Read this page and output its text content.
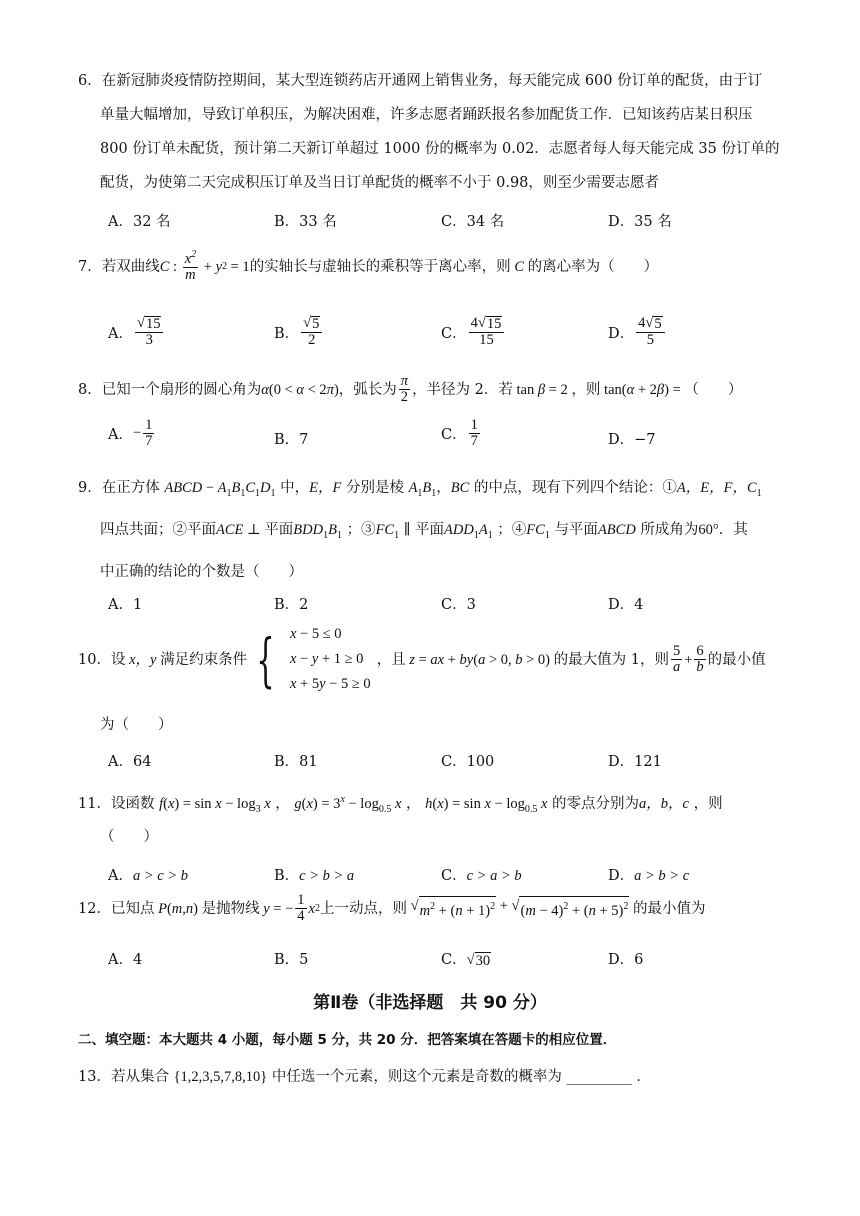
6．在新冠肺炎疫情防控期间，某大型连锁药店开通网上销售业务，每天能完成 600 份订单的配货，由于订
单量大幅增加，导致订单积压，为解决困难，许多志愿者踊跃报名参加配货工作．已知该药店某日积压
800 份订单未配货，预计第二天新订单超过 1000 份的概率为 0.02．志愿者每人每天能完成 35 份订单的
配货，为使第二天完成积压订单及当日订单配货的概率不小于 0.98，则至少需要志愿者
A．32 名	B．33 名	C．34 名	D．35 名
7．若双曲线 C : $\frac{x^2}{m} + y$ 2 = 1 的实轴长与虚轴长的乘积等于离心率，则 C 的离心率为（　　）
A． $\frac{√ 15}{3}$	B． $\frac{√ 5}{2}$	C． $\frac{4√ 15}{15}$	D． $\frac{4√ 5}{5}$
8．已知一个扇形的圆心角为 α(0 < α < 2π) ，弧长为 $\frac{\pi}{2}$ ，半径为 2．若 tan β = 2 ，则 tan(α + 2β) = （　　）
A． − $\frac{1}{7}$	B．7	C． $\frac{1}{7}$	D．−7
9．在正方体 ABCD − $A_1B_1C_1D_1$ 中，E，F 分别是棱 $A_1B_1$，BC 的中点，现有下列四个结论：①A，E，F，$C_1$
四点共面；②平面ACE ⊥ 平面$BDD_1B_1$ ；$③FC_1$ ∥ 平面$ADD_1A_1$ ；$④FC_1$ 与平面ABCD 所成角为60°．其
中正确的结论的个数是（　　）
A．1	B．2	C．3	D．4
10．设 x，y 满足约束条件 { x − 5 ≤ 0
x − y + 1 ≥ 0
x + 5y − 5 ≥ 0
，且 z = ax + by(a > 0, b > 0) 的最大值为 1，则 $\frac{5}{a} + \frac{6}{b}$ 的最小值
为（　　）
A．64	B．81	C．100	D．121
11．设函数 $f(x) = \sin x - \log_3 x$ ， $g(x) = 3^x - \log_{0.5} x$ ， $h(x) = \sin x - \log_{0.5} x$ 的零点分别为a，b，c ，则
（　　）
A．a > c > b	B．c > b > a	C．c > a > b	D．a > b > c
12．已知点 P(m,n) 是抛物线 y = − $\frac{1}{4}$ x 2 上一动点，则 √ $m^2 + (n + 1)^2$ + √ $(m - 4)^2 + (n + 5)^2$
的最小值为
A．4	B．5	C．√ 30	D．6
第Ⅱ卷（非选择题　共 90 分）
二、填空题：本大题共 4 小题，每小题 5 分，共 20 分．把答案填在答题卡的相应位置．
13．若从集合 {1,2,3,5,7,8,10} 中任选一个元素，则这个元素是奇数的概率为 _________ ．
